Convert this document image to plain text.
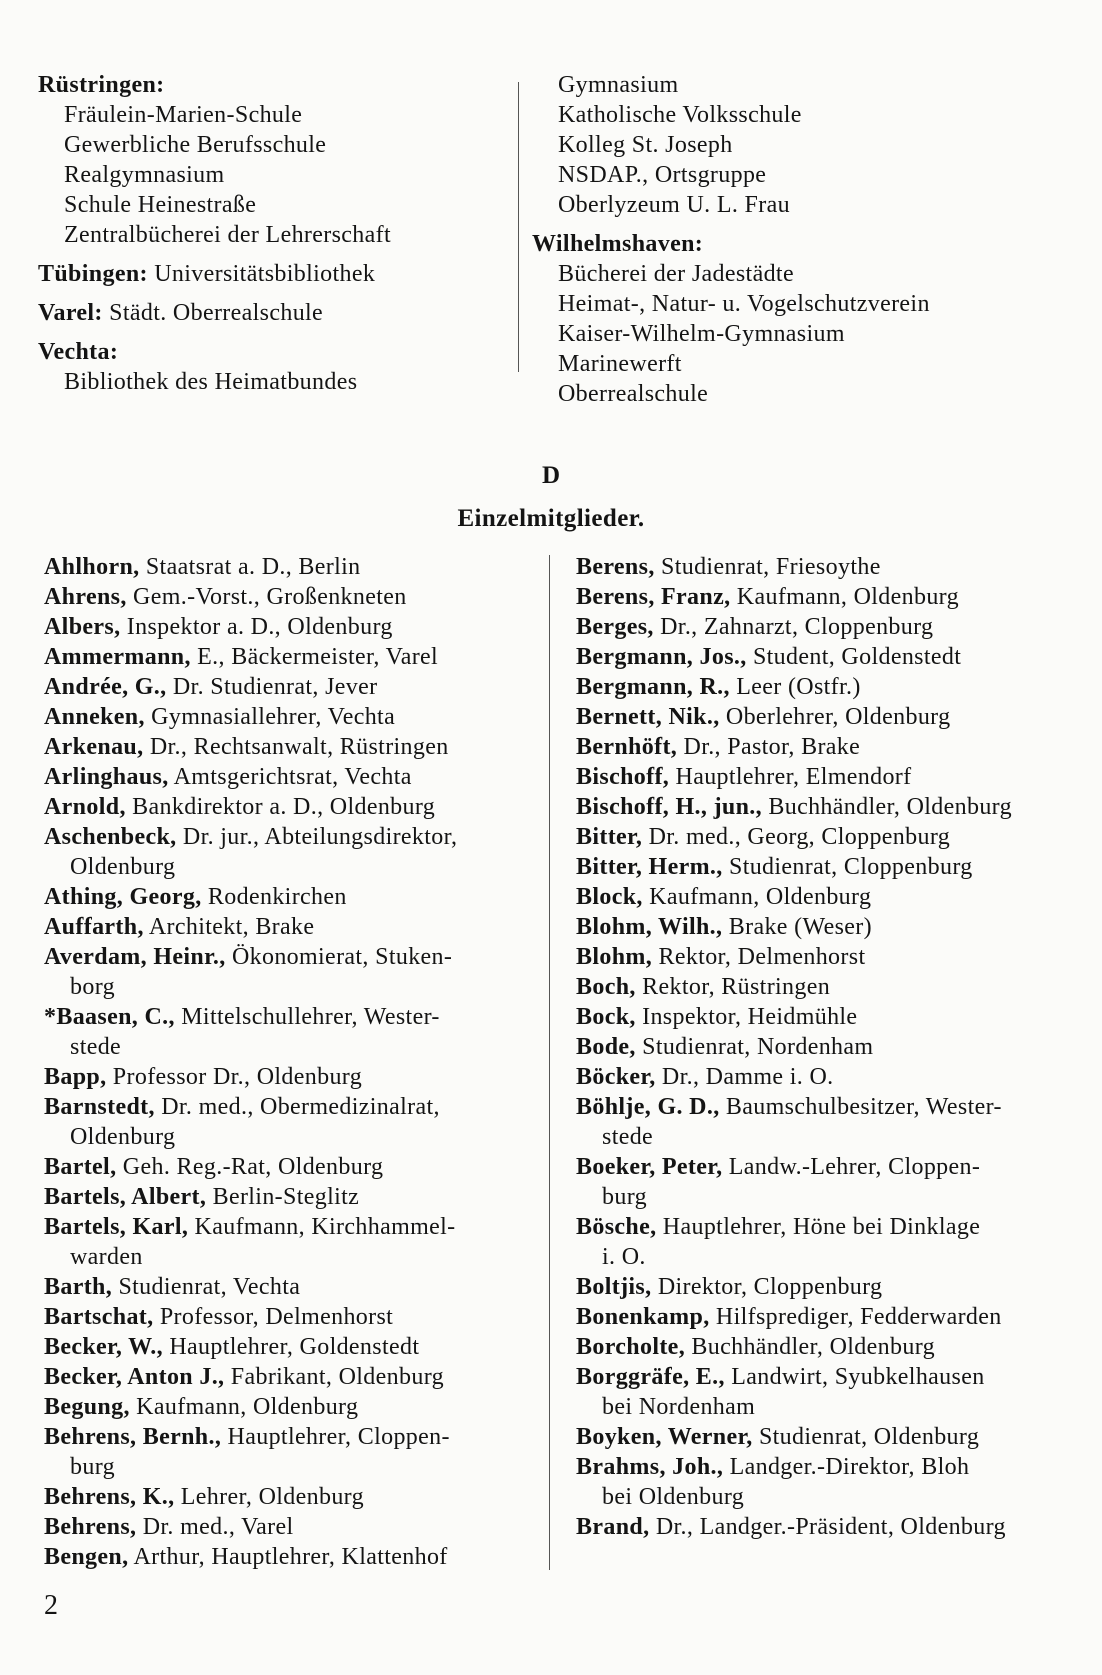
Rüstringen:
Fräulein-Marien-Schule
Gewerbliche Berufsschule
Realgymnasium
Schule Heinestraße
Zentralbücherei der Lehrerschaft
Tübingen: Universitätsbibliothek
Varel: Städt. Oberrealschule
Vechta:
Bibliothek des Heimatbundes
Gymnasium
Katholische Volksschule
Kolleg St. Joseph
NSDAP., Ortsgruppe
Oberlyzeum U. L. Frau
Wilhelmshaven:
Bücherei der Jadestädte
Heimat-, Natur- u. Vogelschutzverein
Kaiser-Wilhelm-Gymnasium
Marinewerft
Oberrealschule
D
Einzelmitglieder.
Ahlhorn, Staatsrat a. D., Berlin
Ahrens, Gem.-Vorst., Großenkneten
Albers, Inspektor a. D., Oldenburg
Ammermann, E., Bäckermeister, Varel
Andrée, G., Dr. Studienrat, Jever
Anneken, Gymnasiallehrer, Vechta
Arkenau, Dr., Rechtsanwalt, Rüstringen
Arlinghaus, Amtsgerichtsrat, Vechta
Arnold, Bankdirektor a. D., Oldenburg
Aschenbeck, Dr. jur., Abteilungsdirektor,
Oldenburg
Athing, Georg, Rodenkirchen
Auffarth, Architekt, Brake
Averdam, Heinr., Ökonomierat, Stuken-
borg
*Baasen, C., Mittelschullehrer, Wester-
stede
Bapp, Professor Dr., Oldenburg
Barnstedt, Dr. med., Obermedizinalrat,
Oldenburg
Bartel, Geh. Reg.-Rat, Oldenburg
Bartels, Albert, Berlin-Steglitz
Bartels, Karl, Kaufmann, Kirchhammel-
warden
Barth, Studienrat, Vechta
Bartschat, Professor, Delmenhorst
Becker, W., Hauptlehrer, Goldenstedt
Becker, Anton J., Fabrikant, Oldenburg
Begung, Kaufmann, Oldenburg
Behrens, Bernh., Hauptlehrer, Cloppen-
burg
Behrens, K., Lehrer, Oldenburg
Behrens, Dr. med., Varel
Bengen, Arthur, Hauptlehrer, Klattenhof
Berens, Studienrat, Friesoythe
Berens, Franz, Kaufmann, Oldenburg
Berges, Dr., Zahnarzt, Cloppenburg
Bergmann, Jos., Student, Goldenstedt
Bergmann, R., Leer (Ostfr.)
Bernett, Nik., Oberlehrer, Oldenburg
Bernhöft, Dr., Pastor, Brake
Bischoff, Hauptlehrer, Elmendorf
Bischoff, H., jun., Buchhändler, Oldenburg
Bitter, Dr. med., Georg, Cloppenburg
Bitter, Herm., Studienrat, Cloppenburg
Block, Kaufmann, Oldenburg
Blohm, Wilh., Brake (Weser)
Blohm, Rektor, Delmenhorst
Boch, Rektor, Rüstringen
Bock, Inspektor, Heidmühle
Bode, Studienrat, Nordenham
Böcker, Dr., Damme i. O.
Böhlje, G. D., Baumschulbesitzer, Wester-
stede
Boeker, Peter, Landw.-Lehrer, Cloppen-
burg
Bösche, Hauptlehrer, Höne bei Dinklage
i. O.
Boltjis, Direktor, Cloppenburg
Bonenkamp, Hilfsprediger, Fedderwarden
Borcholte, Buchhändler, Oldenburg
Borggräfe, E., Landwirt, Syubkelhausen
bei Nordenham
Boyken, Werner, Studienrat, Oldenburg
Brahms, Joh., Landger.-Direktor, Bloh
bei Oldenburg
Brand, Dr., Landger.-Präsident, Oldenburg
2
